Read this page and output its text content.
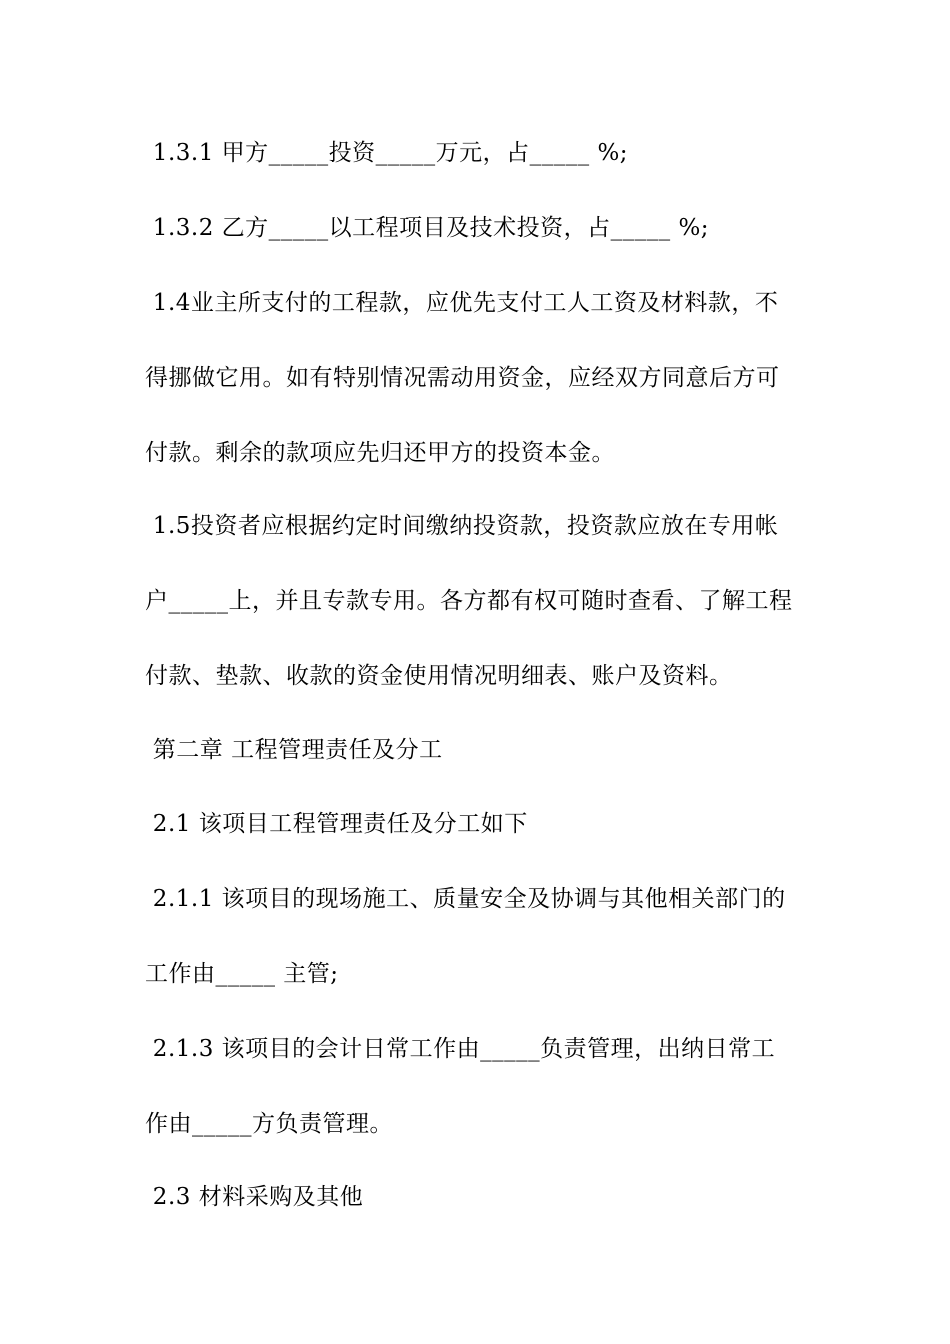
1.3.1 甲方_____投资_____万元，占_____ %;
1.3.2 乙方_____以工程项目及技术投资，占_____ %;
1.4业主所支付的工程款，应优先支付工人工资及材料款，不
得挪做它用。如有特别情况需动用资金，应经双方同意后方可
付款。剩余的款项应先归还甲方的投资本金。
1.5投资者应根据约定时间缴纳投资款，投资款应放在专用帐
户_____上，并且专款专用。各方都有权可随时查看、了解工程
付款、垫款、收款的资金使用情况明细表、账户及资料。
第二章 工程管理责任及分工
2.1 该项目工程管理责任及分工如下
2.1.1 该项目的现场施工、质量安全及协调与其他相关部门的
工作由_____ 主管;
2.1.3 该项目的会计日常工作由_____负责管理，出纳日常工
作由_____方负责管理。
2.3 材料采购及其他
